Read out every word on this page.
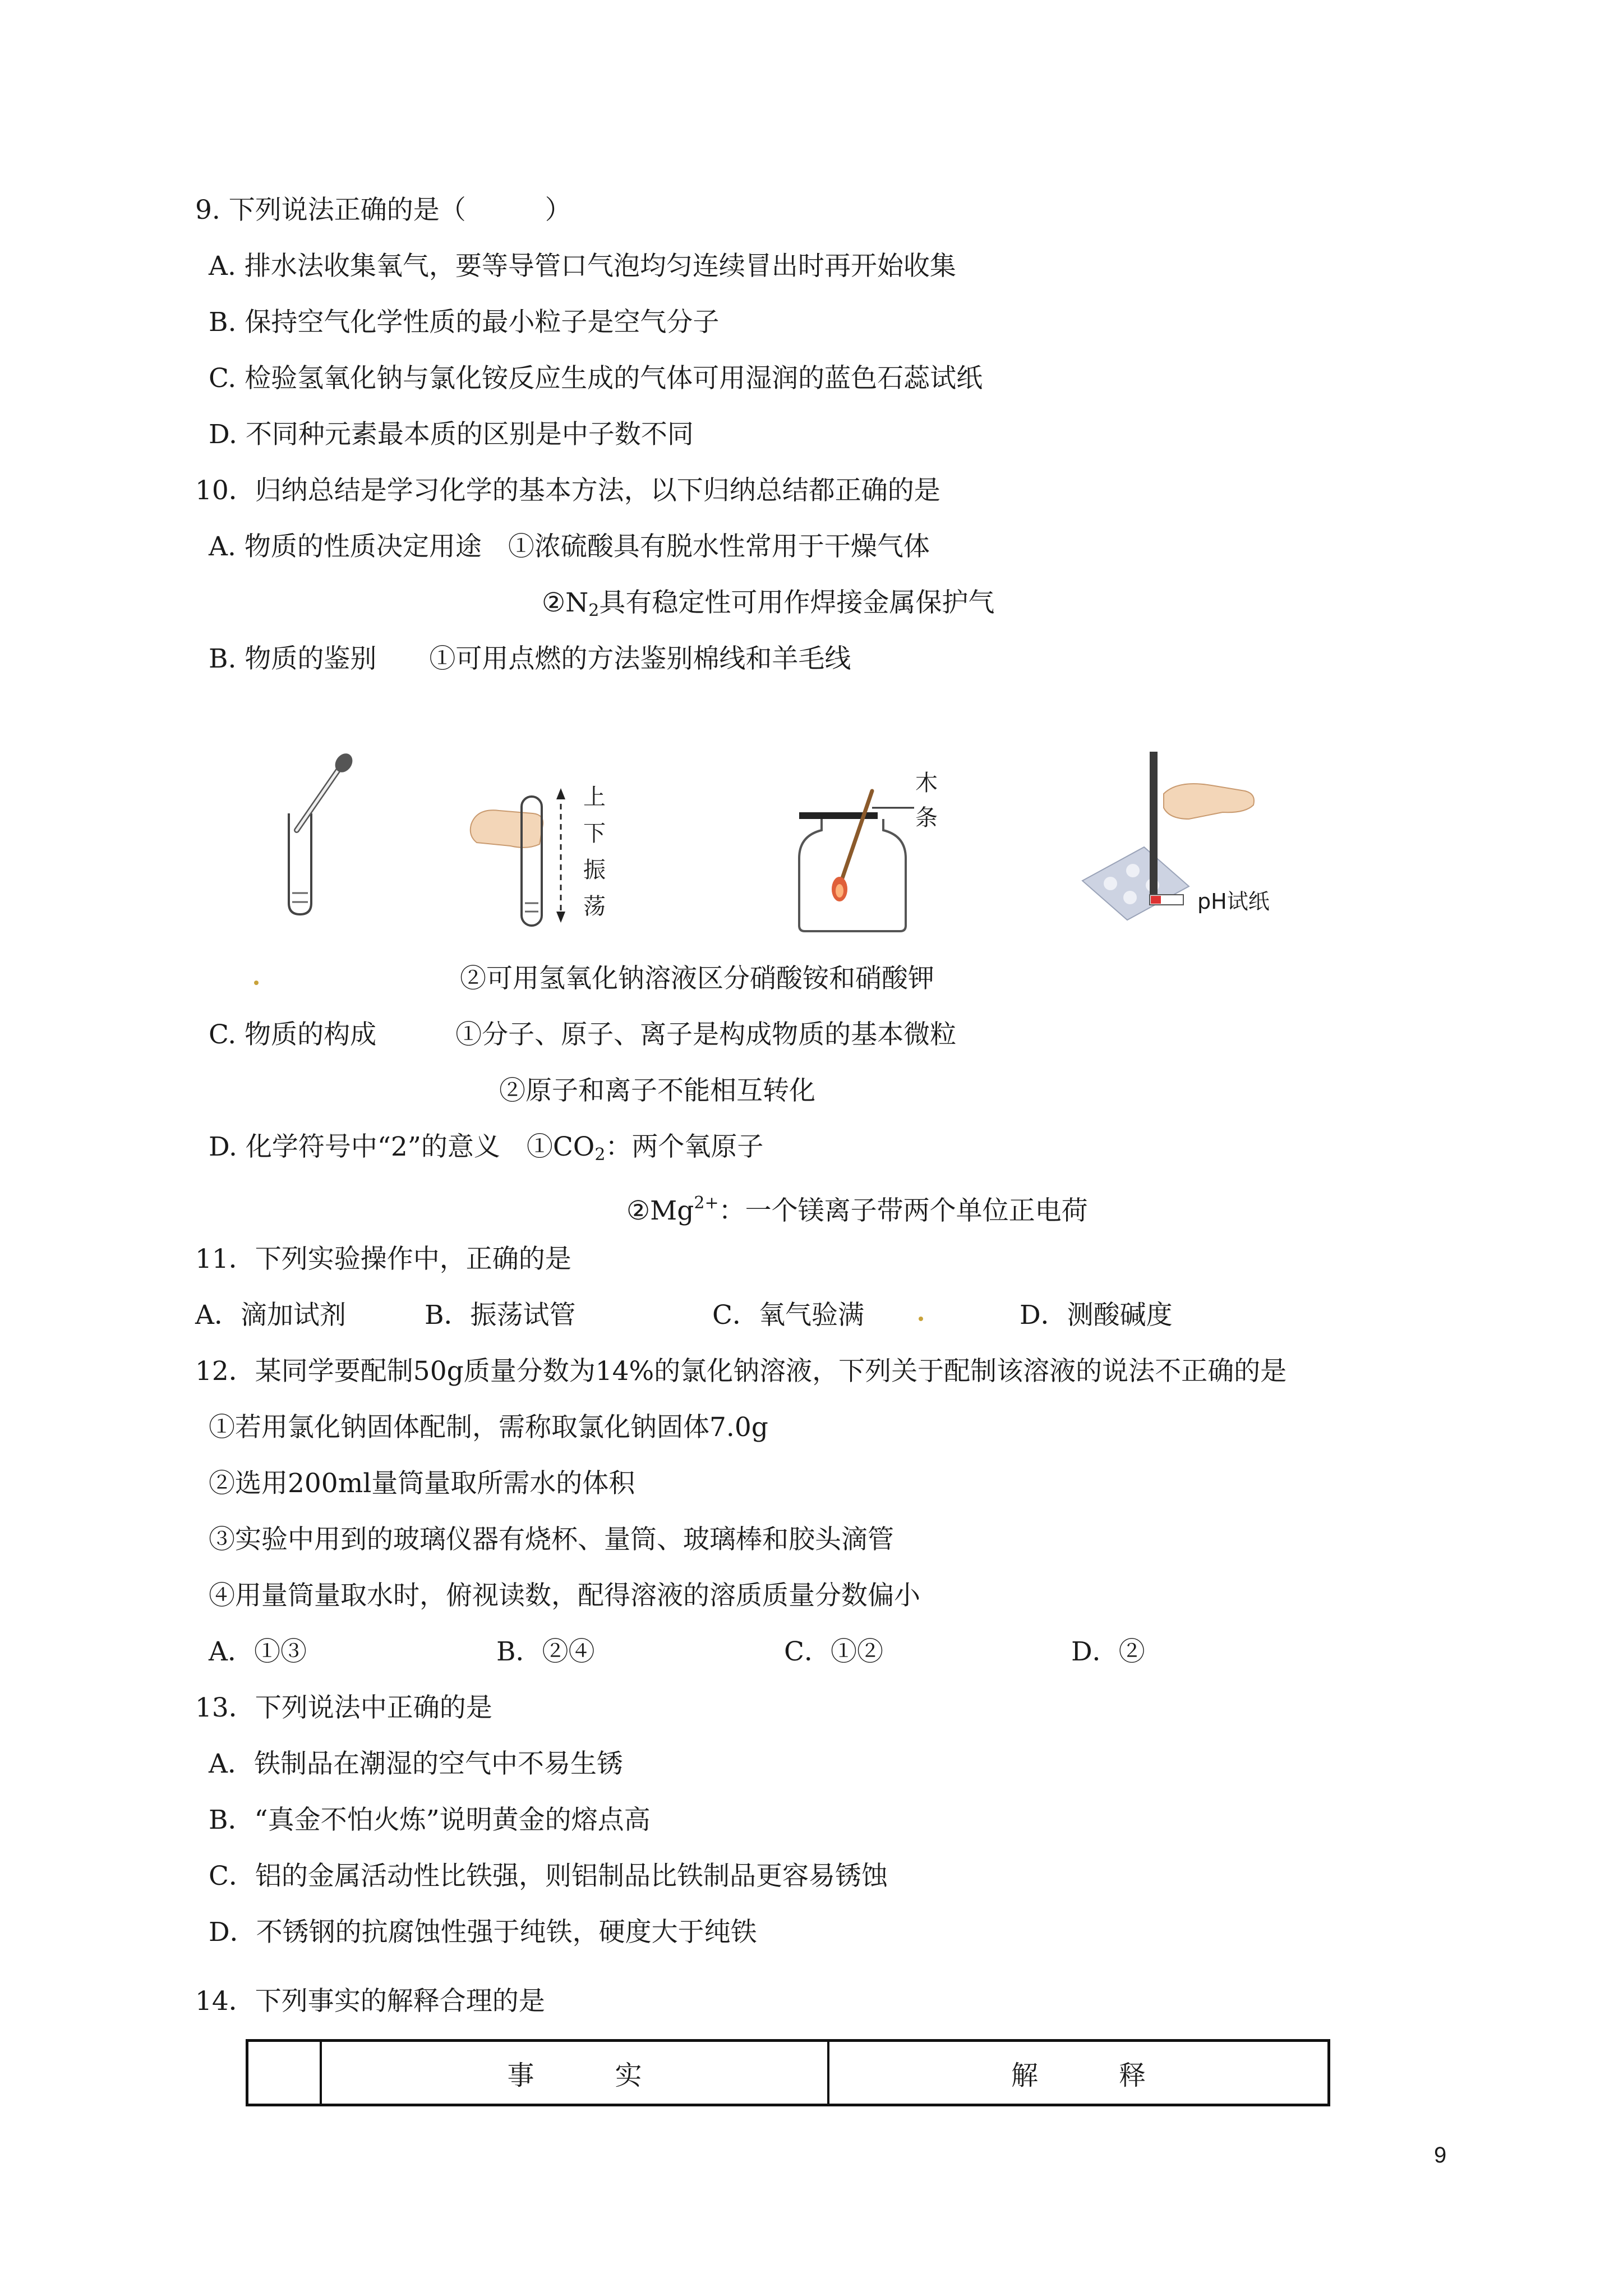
9. 下列说法正确的是（　　　）
A. 排水法收集氧气，要等导管口气泡均匀连续冒出时再开始收集
B. 保持空气化学性质的最小粒子是空气分子
C. 检验氢氧化钠与氯化铵反应生成的气体可用湿润的蓝色石蕊试纸
D. 不同种元素最本质的区别是中子数不同
10．归纳总结是学习化学的基本方法，以下归纳总结都正确的是
A. 物质的性质决定用途　①浓硫酸具有脱水性常用于干燥气体
$②N_2$具有稳定性可用作焊接金属保护气
B. 物质的鉴别　　①可用点燃的方法鉴别棉线和羊毛线
上
下
振
荡
木
条
pH试纸
②可用氢氧化钠溶液区分硝酸铵和硝酸钾
C. 物质的构成　　　①分子、原子、离子是构成物质的基本微粒
②原子和离子不能相互转化
D. 化学符号中“2”的意义　$①CO_2$：两个氧原子
$②Mg^{2+}$：一个镁离子带两个单位正电荷
11．下列实验操作中，正确的是
A．滴加试剂	B．振荡试管	C．氧气验满	D．测酸碱度
12．某同学要配制50g质量分数为14%的氯化钠溶液，下列关于配制该溶液的说法不正确的是
①若用氯化钠固体配制，需称取氯化钠固体7.0g
②选用200ml量筒量取所需水的体积
③实验中用到的玻璃仪器有烧杯、量筒、玻璃棒和胶头滴管
④用量筒量取水时，俯视读数，配得溶液的溶质质量分数偏小
A．①③	B．②④	C．①②	D．②
13．下列说法中正确的是
A．铁制品在潮湿的空气中不易生锈
B．“真金不怕火炼”说明黄金的熔点高
C．铝的金属活动性比铁强，则铝制品比铁制品更容易锈蚀
D．不锈钢的抗腐蚀性强于纯铁，硬度大于纯铁
14．下列事实的解释合理的是
事　　　实	解　　　释
9
